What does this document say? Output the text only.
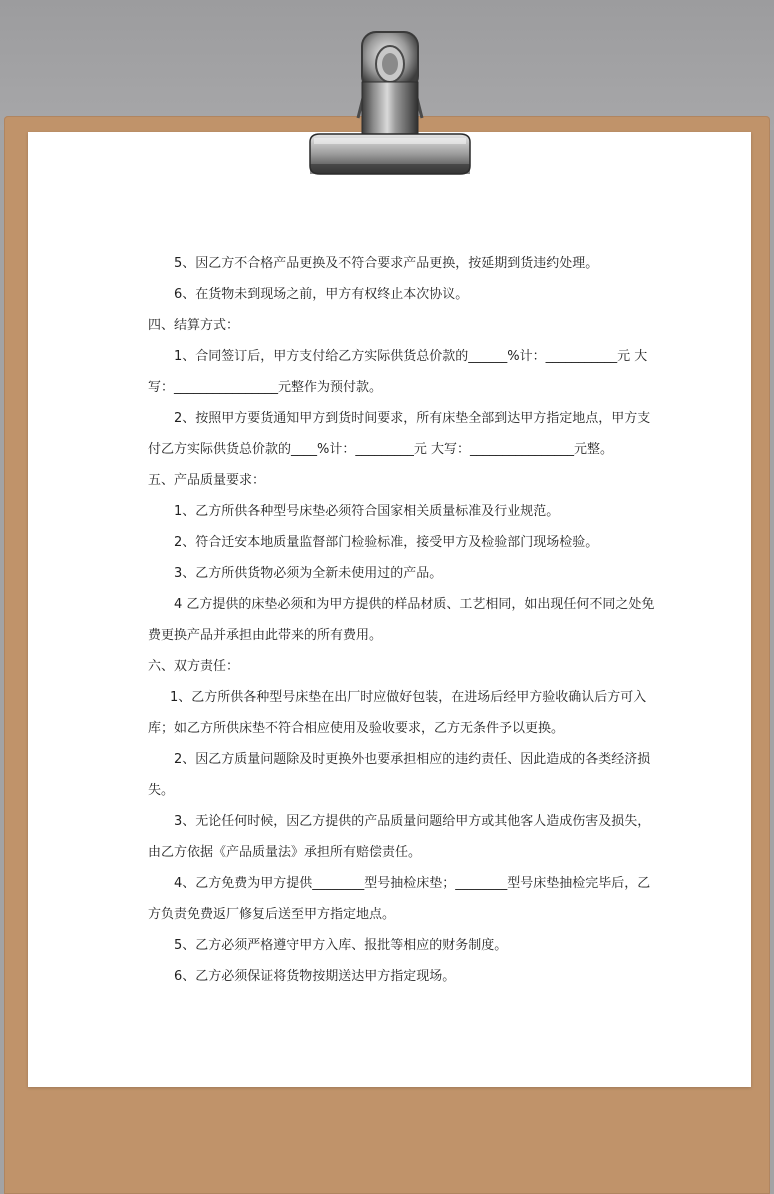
5、因乙方不合格产品更换及不符合要求产品更换，按延期到货违约处理。
6、在货物未到现场之前，甲方有权终止本次协议。
四、结算方式：
1、合同签订后，甲方支付给乙方实际供货总价款的______%计：___________元 大
写：________________元整作为预付款。
2、按照甲方要货通知甲方到货时间要求，所有床垫全部到达甲方指定地点，甲方支
付乙方实际供货总价款的____%计：_________元 大写：________________元整。
五、产品质量要求：
1、乙方所供各种型号床垫必须符合国家相关质量标准及行业规范。
2、符合迁安本地质量监督部门检验标准，接受甲方及检验部门现场检验。
3、乙方所供货物必须为全新未使用过的产品。
4 乙方提供的床垫必须和为甲方提供的样品材质、工艺相同，如出现任何不同之处免
费更换产品并承担由此带来的所有费用。
六、双方责任：
1、乙方所供各种型号床垫在出厂时应做好包装，在进场后经甲方验收确认后方可入
库；如乙方所供床垫不符合相应使用及验收要求，乙方无条件予以更换。
2、因乙方质量问题除及时更换外也要承担相应的违约责任、因此造成的各类经济损
失。
3、无论任何时候，因乙方提供的产品质量问题给甲方或其他客人造成伤害及损失，
由乙方依据《产品质量法》承担所有赔偿责任。
4、乙方免费为甲方提供________型号抽检床垫；________型号床垫抽检完毕后，乙
方负责免费返厂修复后送至甲方指定地点。
5、乙方必须严格遵守甲方入库、报批等相应的财务制度。
6、乙方必须保证将货物按期送达甲方指定现场。
